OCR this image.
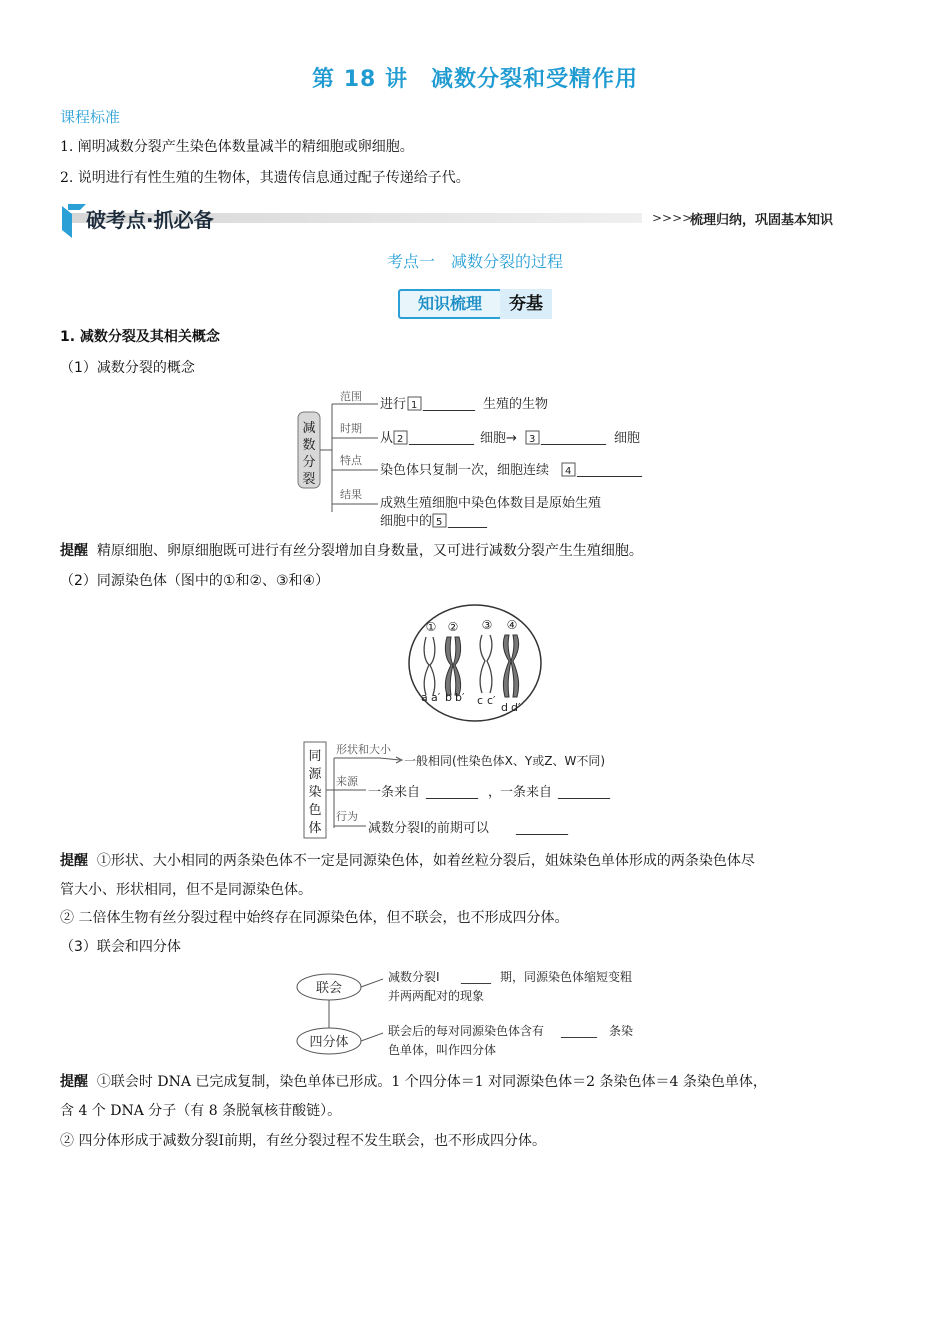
第 18 讲　减数分裂和受精作用
课程标准
1. 阐明减数分裂产生染色体数量减半的精细胞或卵细胞。
2. 说明进行有性生殖的生物体，其遗传信息通过配子传递给子代。
破考点·抓必备	>>>>
梳理归纳，巩固基本知识
考点一　减数分裂的过程
知识梳理	夯基
1. 减数分裂及其相关概念
（1）减数分裂的概念
减
数
分
裂
范围
进行 1 ________ 生殖的生物
时期
从 2 __________ 细胞→ 3 __________ 细胞
特点
染色体只复制一次，细胞连续 4 __________
结果
成熟生殖细胞中染色体数目是原始生殖
细胞中的 5 ______
提醒 精原细胞、卵原细胞既可进行有丝分裂增加自身数量，又可进行减数分裂产生生殖细胞。
（2）同源染色体（图中的①和②、③和④）
① ② ③ ④
a a′ b b′ c c′
d d′
同
源
染
色
体
形状和大小
一般相同(性染色体X、Y或Z、W不同)
来源
一条来自 ________ ，
一条来自 ________
行为
减数分裂Ⅰ的前期可以 ________
提醒 ①形状、大小相同的两条染色体不一定是同源染色体，如着丝粒分裂后，姐妹染色单体形成的两条染色体尽
管大小、形状相同，但不是同源染色体。
② 二倍体生物有丝分裂过程中始终存在同源染色体，但不联会，也不形成四分体。
（3）联会和四分体
联会
四分体
减数分裂Ⅰ _____ 期，同源染色体缩短变粗
并两两配对的现象
联会后的每对同源染色体含有 ______ 条染
色单体，叫作四分体
提醒 ①联会时 DNA 已完成复制，染色单体已形成。1 个四分体＝1 对同源染色体＝2 条染色体＝4 条染色单体，
含 4 个 DNA 分子（有 8 条脱氧核苷酸链）。
② 四分体形成于减数分裂Ⅰ前期，有丝分裂过程不发生联会，也不形成四分体。
